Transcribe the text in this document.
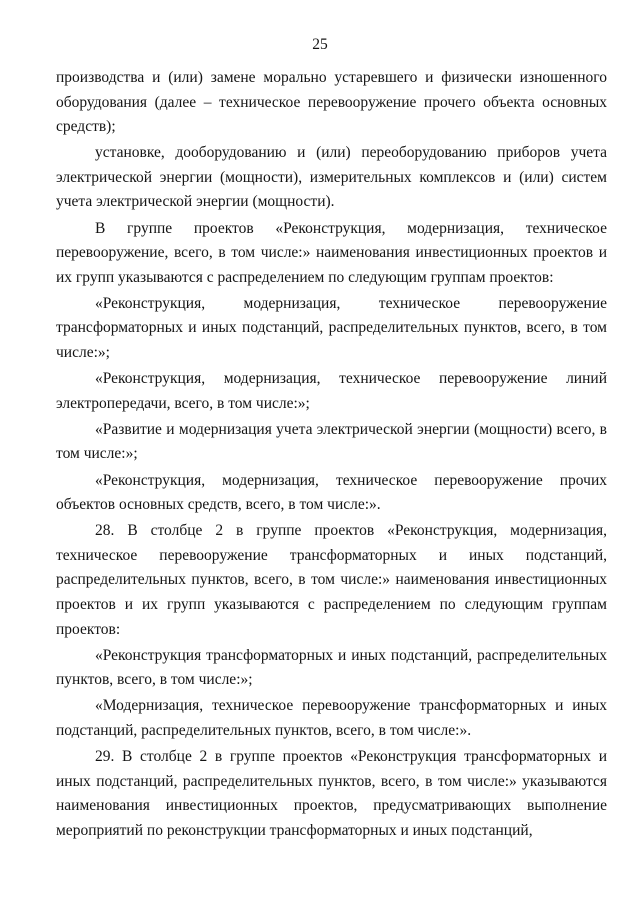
25

производства и (или) замене морально устаревшего и физически изношенного оборудования (далее – техническое перевооружение прочего объекта основных средств);

установке, дооборудованию и (или) переоборудованию приборов учета электрической энергии (мощности), измерительных комплексов и (или) систем учета электрической энергии (мощности).

В группе проектов «Реконструкция, модернизация, техническое перевооружение, всего, в том числе:» наименования инвестиционных проектов и их групп указываются с распределением по следующим группам проектов:

«Реконструкция, модернизация, техническое перевооружение трансформаторных и иных подстанций, распределительных пунктов, всего, в том числе:»;

«Реконструкция, модернизация, техническое перевооружение линий электропередачи, всего, в том числе:»;

«Развитие и модернизация учета электрической энергии (мощности) всего, в том числе:»;

«Реконструкция, модернизация, техническое перевооружение прочих объектов основных средств, всего, в том числе:».

28. В столбце 2 в группе проектов «Реконструкция, модернизация, техническое перевооружение трансформаторных и иных подстанций, распределительных пунктов, всего, в том числе:» наименования инвестиционных проектов и их групп указываются с распределением по следующим группам проектов:

«Реконструкция трансформаторных и иных подстанций, распределительных пунктов, всего, в том числе:»;

«Модернизация, техническое перевооружение трансформаторных и иных подстанций, распределительных пунктов, всего, в том числе:».

29. В столбце 2 в группе проектов «Реконструкция трансформаторных и иных подстанций, распределительных пунктов, всего, в том числе:» указываются наименования инвестиционных проектов, предусматривающих выполнение мероприятий по реконструкции трансформаторных и иных подстанций,
